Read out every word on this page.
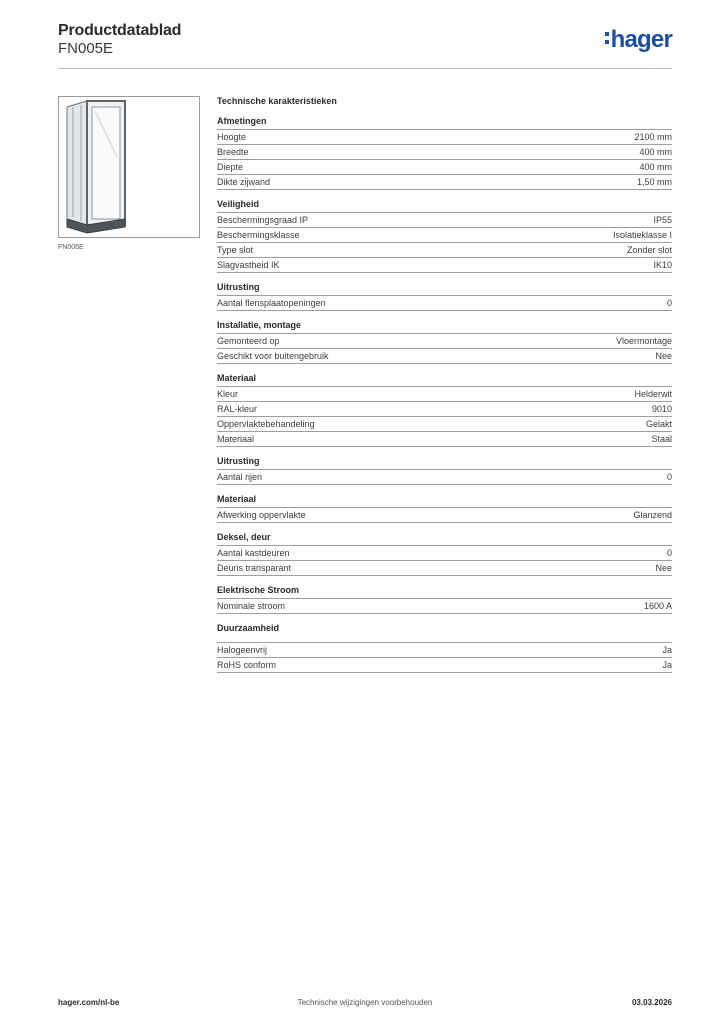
Productdatablad
FN005E	hager
FN006E
Technische karakteristieken
Afmetingen
Hoogte	2100 mm
Breedte	400 mm
Diepte	400 mm
Dikte zijwand	1,50 mm
Veiligheid
Beschermingsgraad IP	IP55
Beschermingsklasse	Isolatieklasse I
Type slot	Zonder slot
Slagvastheid IK	IK10
Uitrusting
Aantal flensplaatopeningen	0
Installatie, montage
Gemonteerd op	Vloermontage
Geschikt voor buitengebruik	Nee
Materiaal
Kleur	Helderwit
RAL-kleur	9010
Oppervlaktebehandeling	Gelakt
Materiaal	Staal
Uitrusting
Aantal rijen	0
Materiaal
Afwerking oppervlakte	Glanzend
Deksel, deur
Aantal kastdeuren	0
Deuris transparant	Nee
Elektrische Stroom
Nominale stroom	1600 A
Duurzaamheid
Halogeenvrij	Ja
RoHS conform	Ja
hager.com/nl-be	Technische wijzigingen voorbehouden	03.03.2026
